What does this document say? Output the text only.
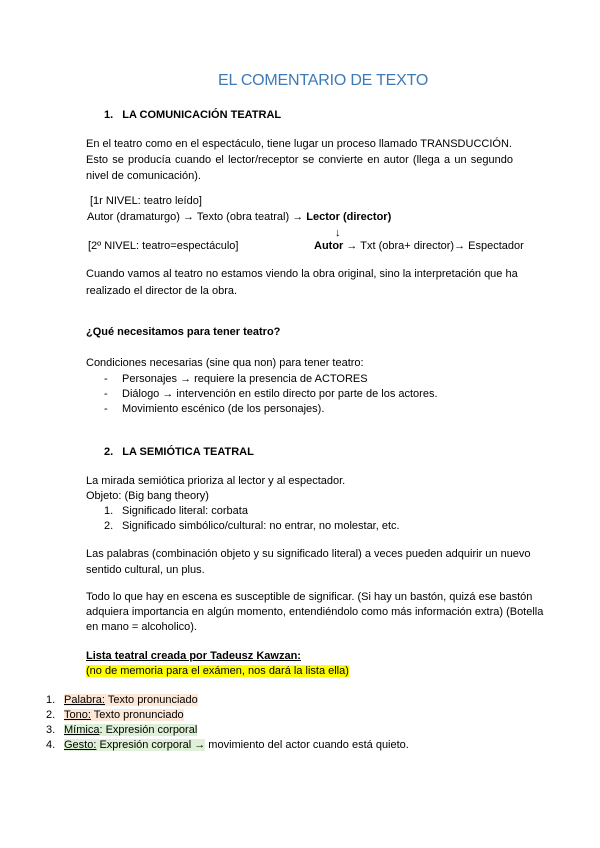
EL COMENTARIO DE TEXTO
1. LA COMUNICACIÓN TEATRAL
En el teatro como en el espectáculo, tiene lugar un proceso llamado TRANSDUCCIÓN.
Esto se producía cuando el lector/receptor se convierte en autor (llega a un segundo nivel de comunicación).
[1r NIVEL: teatro leído]
Autor (dramaturgo) → Texto (obra teatral) → Lector (director)
↓
[2º NIVEL: teatro=espectáculo]	Autor → Txt (obra+ director)→ Espectador
Cuando vamos al teatro no estamos viendo la obra original, sino la interpretación que ha
realizado el director de la obra.
¿Qué necesitamos para tener teatro?
Condiciones necesarias (sine qua non) para tener teatro:
- Personajes → requiere la presencia de ACTORES
- Diálogo → intervención en estilo directo por parte de los actores.
- Movimiento escénico (de los personajes).
2. LA SEMIÓTICA TEATRAL
La mirada semiótica prioriza al lector y al espectador.
Objeto: (Big bang theory)
1. Significado literal: corbata
2. Significado simbólico/cultural: no entrar, no molestar, etc.
Las palabras (combinación objeto y su significado literal) a veces pueden adquirir un nuevo
sentido cultural, un plus.
Todo lo que hay en escena es susceptible de significar. (Si hay un bastón, quizá ese bastón
adquiera importancia en algún momento, entendiéndolo como más información extra) (Botella
en mano = alcoholico).
Lista teatral creada por Tadeusz Kawzan:
(no de memoria para el exámen, nos dará la lista ella)
1. Palabra: Texto pronunciado
2. Tono: Texto pronunciado
3. Mímica: Expresión corporal
4. Gesto: Expresión corporal → movimiento del actor cuando está quieto.
